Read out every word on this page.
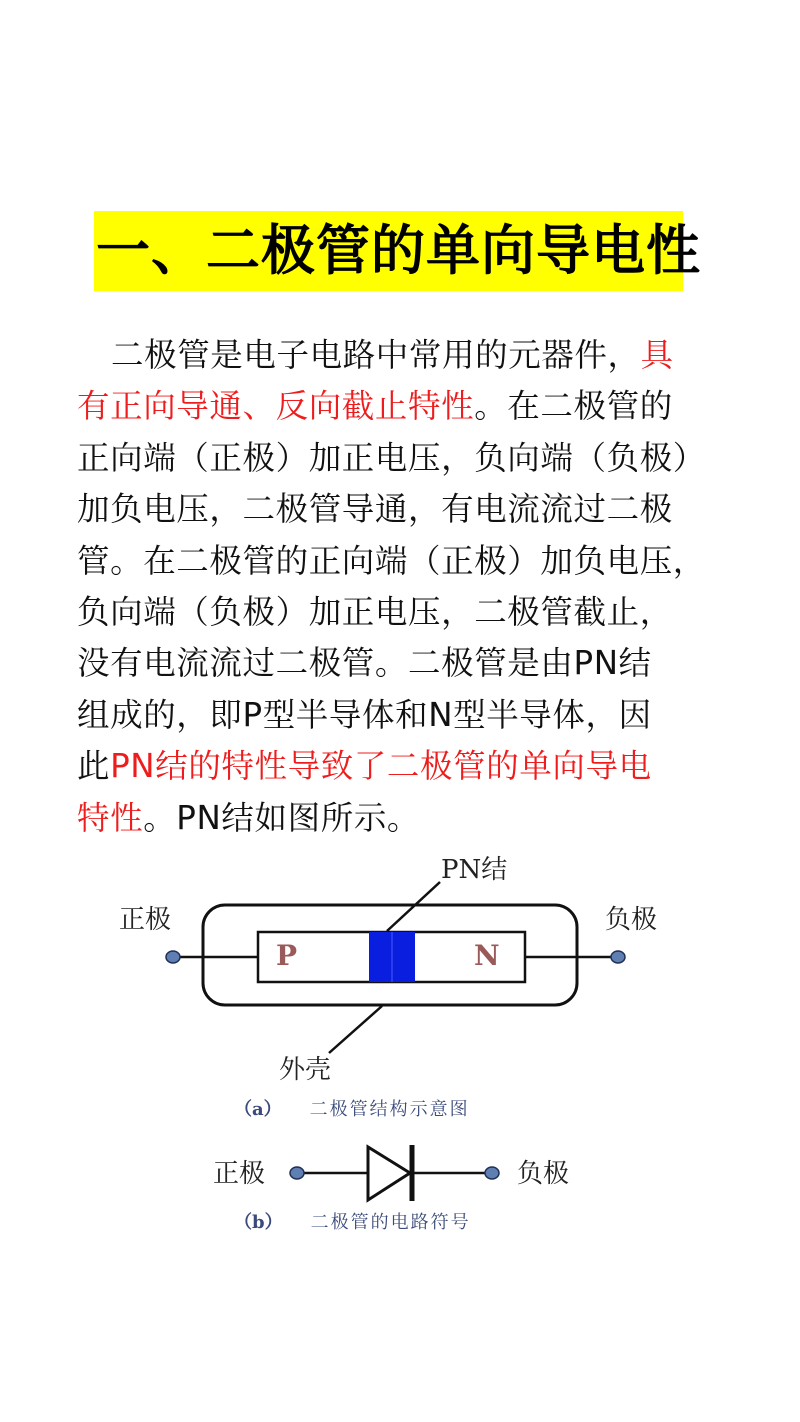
一、二极管的单向导电性
二极管是电子电路中常用的元器件，具
有正向导通、反向截止特性。在二极管的
正向端（正极）加正电压，负向端（负极）
加负电压，二极管导通，有电流流过二极
管。在二极管的正向端（正极）加负电压，
负向端（负极）加正电压，二极管截止，
没有电流流过二极管。二极管是由PN结
组成的，即P型半导体和N型半导体，因
此PN结的特性导致了二极管的单向导电
特性。PN结如图所示。
正极	负极
PN结
外壳
P	N
（a） 二极管结构示意图
正极	负极
（b） 二极管的电路符号
